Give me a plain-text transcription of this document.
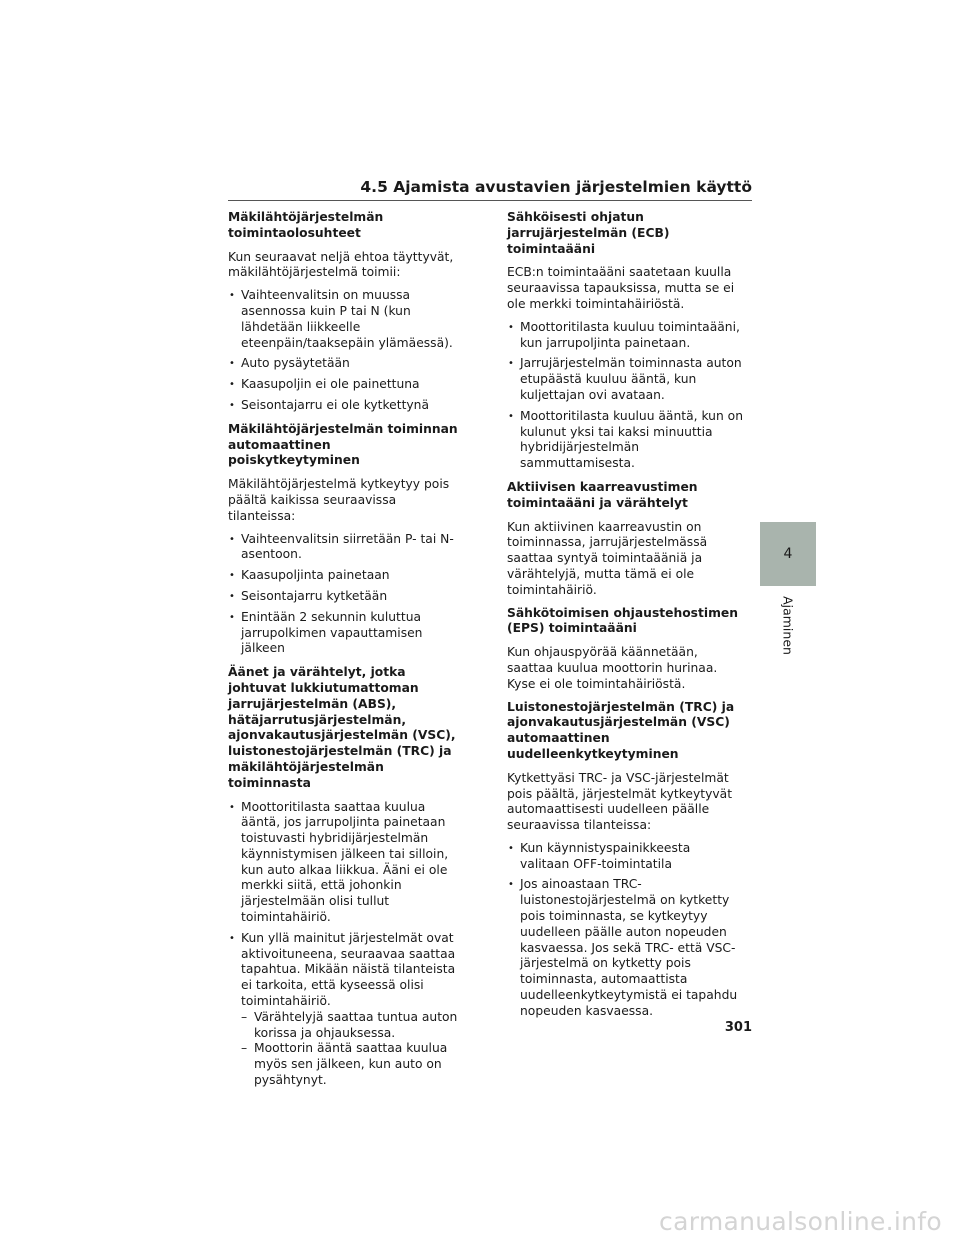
4.5 Ajamista avustavien järjestelmien käyttö
Mäkilähtöjärjestelmän toimintaolosuhteet

Kun seuraavat neljä ehtoa täyttyvät, mäkilähtöjärjestelmä toimii:

• Vaihteenvalitsin on muussa asennossa kuin P tai N (kun lähdetään liikkeelle eteenpäin/taaksepäin ylämäessä).
• Auto pysäytetään
• Kaasupoljin ei ole painettuna
• Seisontajarru ei ole kytkettynä
Mäkilähtöjärjestelmän toiminnan automaattinen poiskytkeytyminen

Mäkilähtöjärjestelmä kytkeytyy pois päältä kaikissa seuraavissa tilanteissa:

• Vaihteenvalitsin siirretään P- tai N-asentoon.
• Kaasupoljinta painetaan
• Seisontajarru kytketään
• Enintään 2 sekunnin kuluttua jarrupolkimen vapauttamisen jälkeen
Äänet ja värähtelyt, jotka johtuvat lukkiutumattoman jarrujärjestelmän (ABS), hätäjarrutusjärjestelmän, ajonvakautusjärjestelmän (VSC), luistonestojärjestelmän (TRC) ja mäkilähtöjärjestelmän toiminnasta
• Moottoritilasta saattaa kuulua ääntä, jos jarrupoljinta painetaan toistuvasti hybridijärjestelmän käynnistymisen jälkeen tai silloin, kun auto alkaa liikkua. Ääni ei ole merkki siitä, että johonkin järjestelmään olisi tullut toimintahäiriö.
• Kun yllä mainitut järjestelmät ovat aktivoituneena, seuraavaa saattaa tapahtua. Mikään näistä tilanteista ei tarkoita, että kyseessä olisi toimintahäiriö.
– Värähtelyjä saattaa tuntua auton korissa ja ohjauksessa.
– Moottorin ääntä saattaa kuulua myös sen jälkeen, kun auto on pysähtynyt.
Sähköisesti ohjatun jarrujärjestelmän (ECB) toimintaääni

ECB:n toimintaääni saatetaan kuulla seuraavissa tapauksissa, mutta se ei ole merkki toimintahäiriöstä.

• Moottoritilasta kuuluu toimintaääni, kun jarrupoljinta painetaan.
• Jarrujärjestelmän toiminnasta auton etupäästä kuuluu ääntä, kun kuljettajan ovi avataan.
• Moottoritilasta kuuluu ääntä, kun on kulunut yksi tai kaksi minuuttia hybridijärjestelmän sammuttamisesta.
Aktiivisen kaarreavustimen toimintaääni ja värähtelyt

Kun aktiivinen kaarreavustin on toiminnassa, jarrujärjestelmässä saattaa syntyä toimintaääniä ja värähtelyjä, mutta tämä ei ole toimintahäiriö.

Sähkötoimisen ohjaustehostimen (EPS) toimintaääni

Kun ohjauspyörää käännetään, saattaa kuulua moottorin hurinaa. Kyse ei ole toimintahäiriöstä.

Luistonestojärjestelmän (TRC) ja ajonvakautusjärjestelmän (VSC) automaattinen uudelleenkytkeytyminen

Kytkettyäsi TRC- ja VSC-järjestelmät pois päältä, järjestelmät kytkeytyvät automaattisesti uudelleen päälle seuraavissa tilanteissa:

• Kun käynnistyspainikkeesta valitaan OFF-toimintatila
• Jos ainoastaan TRC-luistonestojärjestelmä on kytketty pois toiminnasta, se kytkeytyy uudelleen päälle auton nopeuden kasvaessa. Jos sekä TRC- että VSC-järjestelmä on kytketty pois toiminnasta, automaattista uudelleenkytkeytymistä ei tapahdu nopeuden kasvaessa.
4
Ajaminen
301
carmanualsonline.info
